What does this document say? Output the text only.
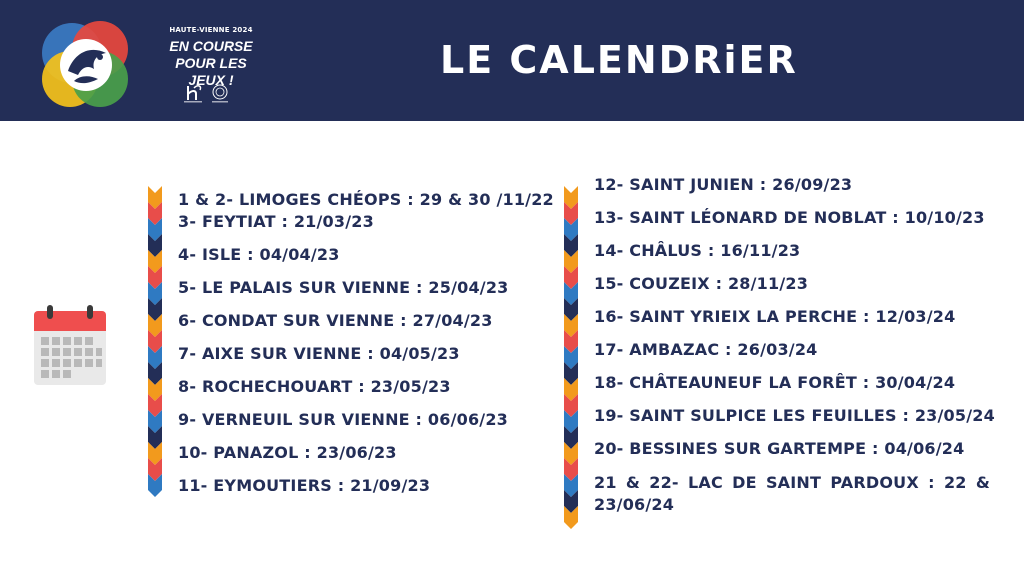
HAUTE-VIENNE 2024
EN COURSE
POUR LES JEUX !	LE CALENDRiER
1 & 2- LIMOGES CHÉOPS : 29 & 30 /11/22
3- FEYTIAT : 21/03/23
4- ISLE : 04/04/23
5- LE PALAIS SUR VIENNE : 25/04/23
6- CONDAT SUR VIENNE : 27/04/23
7- AIXE SUR VIENNE : 04/05/23
8- ROCHECHOUART : 23/05/23
9- VERNEUIL SUR VIENNE : 06/06/23
10- PANAZOL : 23/06/23
11- EYMOUTIERS : 21/09/23
12- SAINT JUNIEN : 26/09/23
13- SAINT LÉONARD DE NOBLAT : 10/10/23
14- CHÂLUS : 16/11/23
15- COUZEIX : 28/11/23
16- SAINT YRIEIX LA PERCHE : 12/03/24
17- AMBAZAC : 26/03/24
18- CHÂTEAUNEUF LA FORÊT : 30/04/24
19- SAINT SULPICE LES FEUILLES : 23/05/24
20- BESSINES SUR GARTEMPE : 04/06/24
21 & 22- LAC DE SAINT PARDOUX : 22 & 23/06/24
